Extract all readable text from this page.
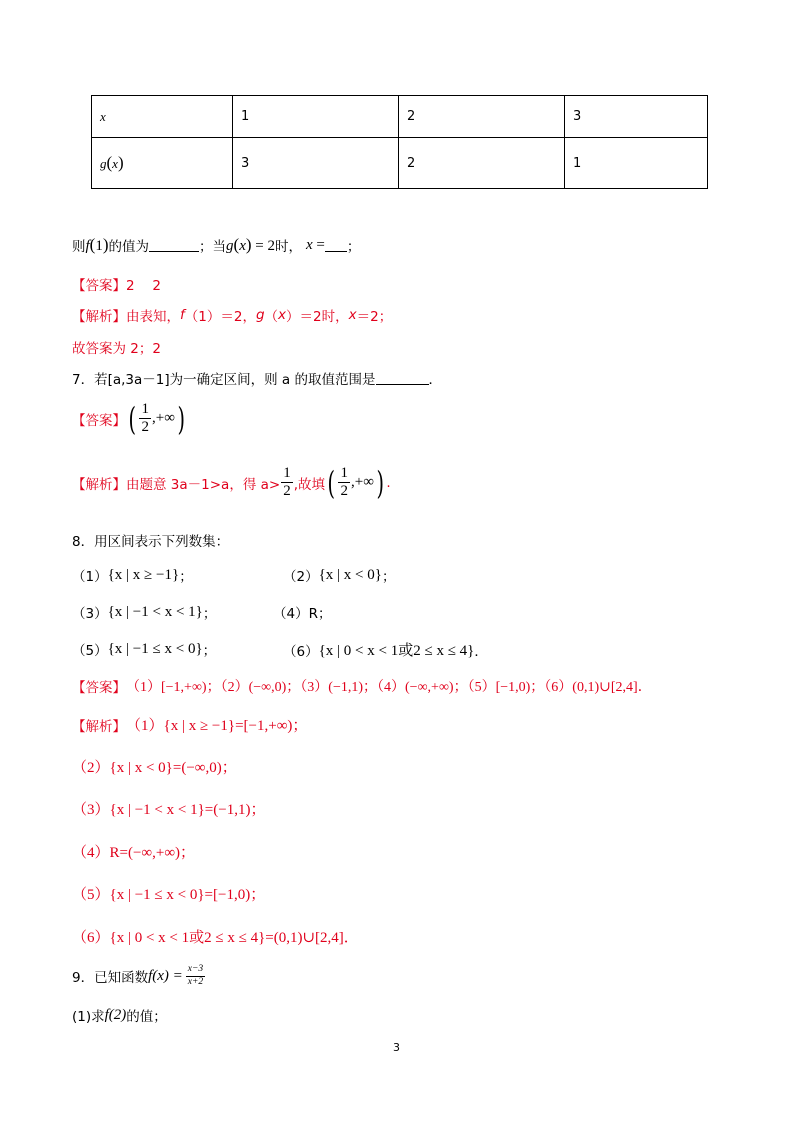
x	1	2	3
g(x)	3	2	1
则 f(1) 的值为	；当 g(x) = 2 时， x = ；
【答案】 2　 2
【解析】 由表知， f （1）＝2， g （ x ）＝2时， x ＝2；
故答案为 2；2
7．若[a,3a－1]为一确定区间，则 a 的取值范围是	．
【答案】 ( $\frac{1}{2}$ ,+∞ )
【解析】 由题意 3a－1>a，得 $a> \frac{1}{2}$ ,故填 ( $\frac{1}{2}$ ,+∞ ) .
8．用区间表示下列数集：
（1） {x | x ≥ −1} ；	（2） {x | x < 0} ；
（3） {x | −1 < x < 1} ；	（4） R；
（5） {x | −1 ≤ x < 0} ；	（6） {x | 0 < x < 1或2 ≤ x ≤ 4} ．
【答案】 （1）[−1,+∞)；（2）(−∞,0)；（3）(−1,1)；（4）(−∞,+∞)；（5）[−1,0)；（6）(0,1)∪[2,4]．
【解析】 （1）{x | x ≥ −1}=[−1,+∞)；
（2）{x | x < 0}=(−∞,0)；
（3）{x | −1 < x < 1}=(−1,1)；
（4）R=(−∞,+∞)；
（5）{x | −1 ≤ x < 0}=[−1,0)；
（6）{x | 0 < x < 1或2 ≤ x ≤ 4}=(0,1)∪[2,4]．
9．已知函数 $f(x) = \frac{x-3}{x+2}$
(1)求 f(2) 的值；
3
